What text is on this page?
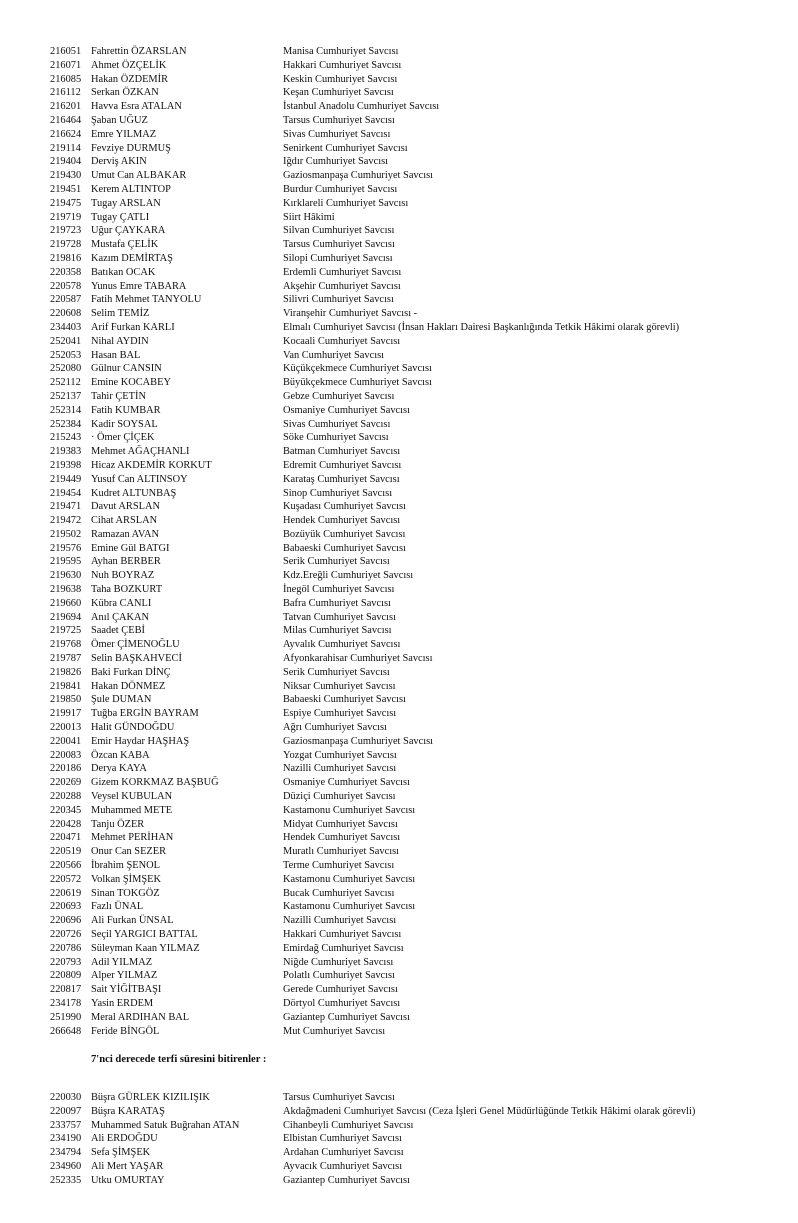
216051 Fahrettin ÖZARSLAN	Manisa Cumhuriyet Savcısı
216071 Ahmet ÖZÇELİK	Hakkari Cumhuriyet Savcısı
216085 Hakan ÖZDEMİR	Keskin Cumhuriyet Savcısı
216112 Serkan ÖZKAN	Keşan Cumhuriyet Savcısı
216201 Havva Esra ATALAN	İstanbul Anadolu Cumhuriyet Savcısı
216464 Şaban UĞUZ	Tarsus Cumhuriyet Savcısı
216624 Emre YILMAZ	Sivas Cumhuriyet Savcısı
219114 Fevziye DURMUŞ	Senirkent Cumhuriyet Savcısı
219404 Derviş AKIN	Iğdır Cumhuriyet Savcısı
219430 Umut Can ALBAKAR	Gaziosmanpaşa Cumhuriyet Savcısı
219451 Kerem ALTINTOP	Burdur Cumhuriyet Savcısı
219475 Tugay ARSLAN	Kırklareli Cumhuriyet Savcısı
219719 Tugay ÇATLI	Siirt Hâkimi
219723 Uğur ÇAYKARA	Silvan Cumhuriyet Savcısı
219728 Mustafa ÇELİK	Tarsus Cumhuriyet Savcısı
219816 Kazım DEMİRTAŞ	Silopi Cumhuriyet Savcısı
220358 Batıkan OCAK	Erdemli Cumhuriyet Savcısı
220578 Yunus Emre TABARA	Akşehir Cumhuriyet Savcısı
220587 Fatih Mehmet TANYOLU	Silivri Cumhuriyet Savcısı
220608 Selim TEMİZ	Viranşehir Cumhuriyet Savcısı -
234403 Arif Furkan KARLI	Elmalı Cumhuriyet Savcısı (İnsan Hakları Dairesi Başkanlığında Tetkik Hâkimi olarak görevli)
252041 Nihal AYDIN	Kocaali Cumhuriyet Savcısı
252053 Hasan BAL	Van Cumhuriyet Savcısı
252080 Gülnur CANSIN	Küçükçekmece Cumhuriyet Savcısı
252112 Emine KOCABEY	Büyükçekmece Cumhuriyet Savcısı
252137 Tahir ÇETİN	Gebze Cumhuriyet Savcısı
252314 Fatih KUMBAR	Osmaniye Cumhuriyet Savcısı
252384 Kadir SOYSAL	Sivas Cumhuriyet Savcısı
215243 · Ömer ÇİÇEK	Söke Cumhuriyet Savcısı
219383 Mehmet AĞAÇHANLI	Batman Cumhuriyet Savcısı
219398 Hicaz AKDEMİR KORKUT	Edremit Cumhuriyet Savcısı
219449 Yusuf Can ALTINSOY	Karataş Cumhuriyet Savcısı
219454 Kudret ALTUNBAŞ	Sinop Cumhuriyet Savcısı
219471 Davut ARSLAN	Kuşadası Cumhuriyet Savcısı
219472 Cihat ARSLAN	Hendek Cumhuriyet Savcısı
219502 Ramazan AVAN	Bozüyük Cumhuriyet Savcısı
219576 Emine Gül BATGI	Babaeski Cumhuriyet Savcısı
219595 Ayhan BERBER	Serik Cumhuriyet Savcısı
219630 Nuh BOYRAZ	Kdz.Ereğli Cumhuriyet Savcısı
219638 Taha BOZKURT	İnegöl Cumhuriyet Savcısı
219660 Kübra CANLI	Bafra Cumhuriyet Savcısı
219694 Anıl ÇAKAN	Tatvan Cumhuriyet Savcısı
219725 Saadet ÇEBİ	Milas Cumhuriyet Savcısı
219768 Ömer ÇİMENOĞLU	Ayvalık Cumhuriyet Savcısı
219787 Selin BAŞKAHVECİ	Afyonkarahisar Cumhuriyet Savcısı
219826 Baki Furkan DİNÇ	Serik Cumhuriyet Savcısı
219841 Hakan DÖNMEZ	Niksar Cumhuriyet Savcısı
219850 Şule DUMAN	Babaeski Cumhuriyet Savcısı
219917 Tuğba ERGİN BAYRAM	Espiye Cumhuriyet Savcısı
220013 Halit GÜNDOĞDU	Ağrı Cumhuriyet Savcısı
220041 Emir Haydar HAŞHAŞ	Gaziosmanpaşa Cumhuriyet Savcısı
220083 Özcan KABA	Yozgat Cumhuriyet Savcısı
220186 Derya KAYA	Nazilli Cumhuriyet Savcısı
220269 Gizem KORKMAZ BAŞBUĞ	Osmaniye Cumhuriyet Savcısı
220288 Veysel KUBULAN	Düziçi Cumhuriyet Savcısı
220345 Muhammed METE	Kastamonu Cumhuriyet Savcısı
220428 Tanju ÖZER	Midyat Cumhuriyet Savcısı
220471 Mehmet PERİHAN	Hendek Cumhuriyet Savcısı
220519 Onur Can SEZER	Muratlı Cumhuriyet Savcısı
220566 İbrahim ŞENOL	Terme Cumhuriyet Savcısı
220572 Volkan ŞİMŞEK	Kastamonu Cumhuriyet Savcısı
220619 Sinan TOKGÖZ	Bucak Cumhuriyet Savcısı
220693 Fazlı ÜNAL	Kastamonu Cumhuriyet Savcısı
220696 Ali Furkan ÜNSAL	Nazilli Cumhuriyet Savcısı
220726 Seçil YARGICI BATTAL	Hakkari Cumhuriyet Savcısı
220786 Süleyman Kaan YILMAZ	Emirdağ Cumhuriyet Savcısı
220793 Adil YILMAZ	Niğde Cumhuriyet Savcısı
220809 Alper YILMAZ	Polatlı Cumhuriyet Savcısı
220817 Sait YİĞİTBAŞI	Gerede Cumhuriyet Savcısı
234178 Yasin ERDEM	Dörtyol Cumhuriyet Savcısı
251990 Meral ARDIHAN BAL	Gaziantep Cumhuriyet Savcısı
266648 Feride BİNGÖL	Mut Cumhuriyet Savcısı
7'nci derecede terfi süresini bitirenler :
220030 Büşra GÜRLEK KIZILIŞIK	Tarsus Cumhuriyet Savcısı
220097 Büşra KARATAŞ	Akdağmadeni Cumhuriyet Savcısı (Ceza İşleri Genel Müdürlüğünde Tetkik Hâkimi olarak görevli)
233757 Muhammed Satuk Buğrahan ATAN	Cihanbeyli Cumhuriyet Savcısı
234190 Ali ERDOĞDU	Elbistan Cumhuriyet Savcısı
234794 Sefa ŞİMŞEK	Ardahan Cumhuriyet Savcısı
234960 Ali Mert YAŞAR	Ayvacık Cumhuriyet Savcısı
252335 Utku OMURTAY	Gaziantep Cumhuriyet Savcısı
